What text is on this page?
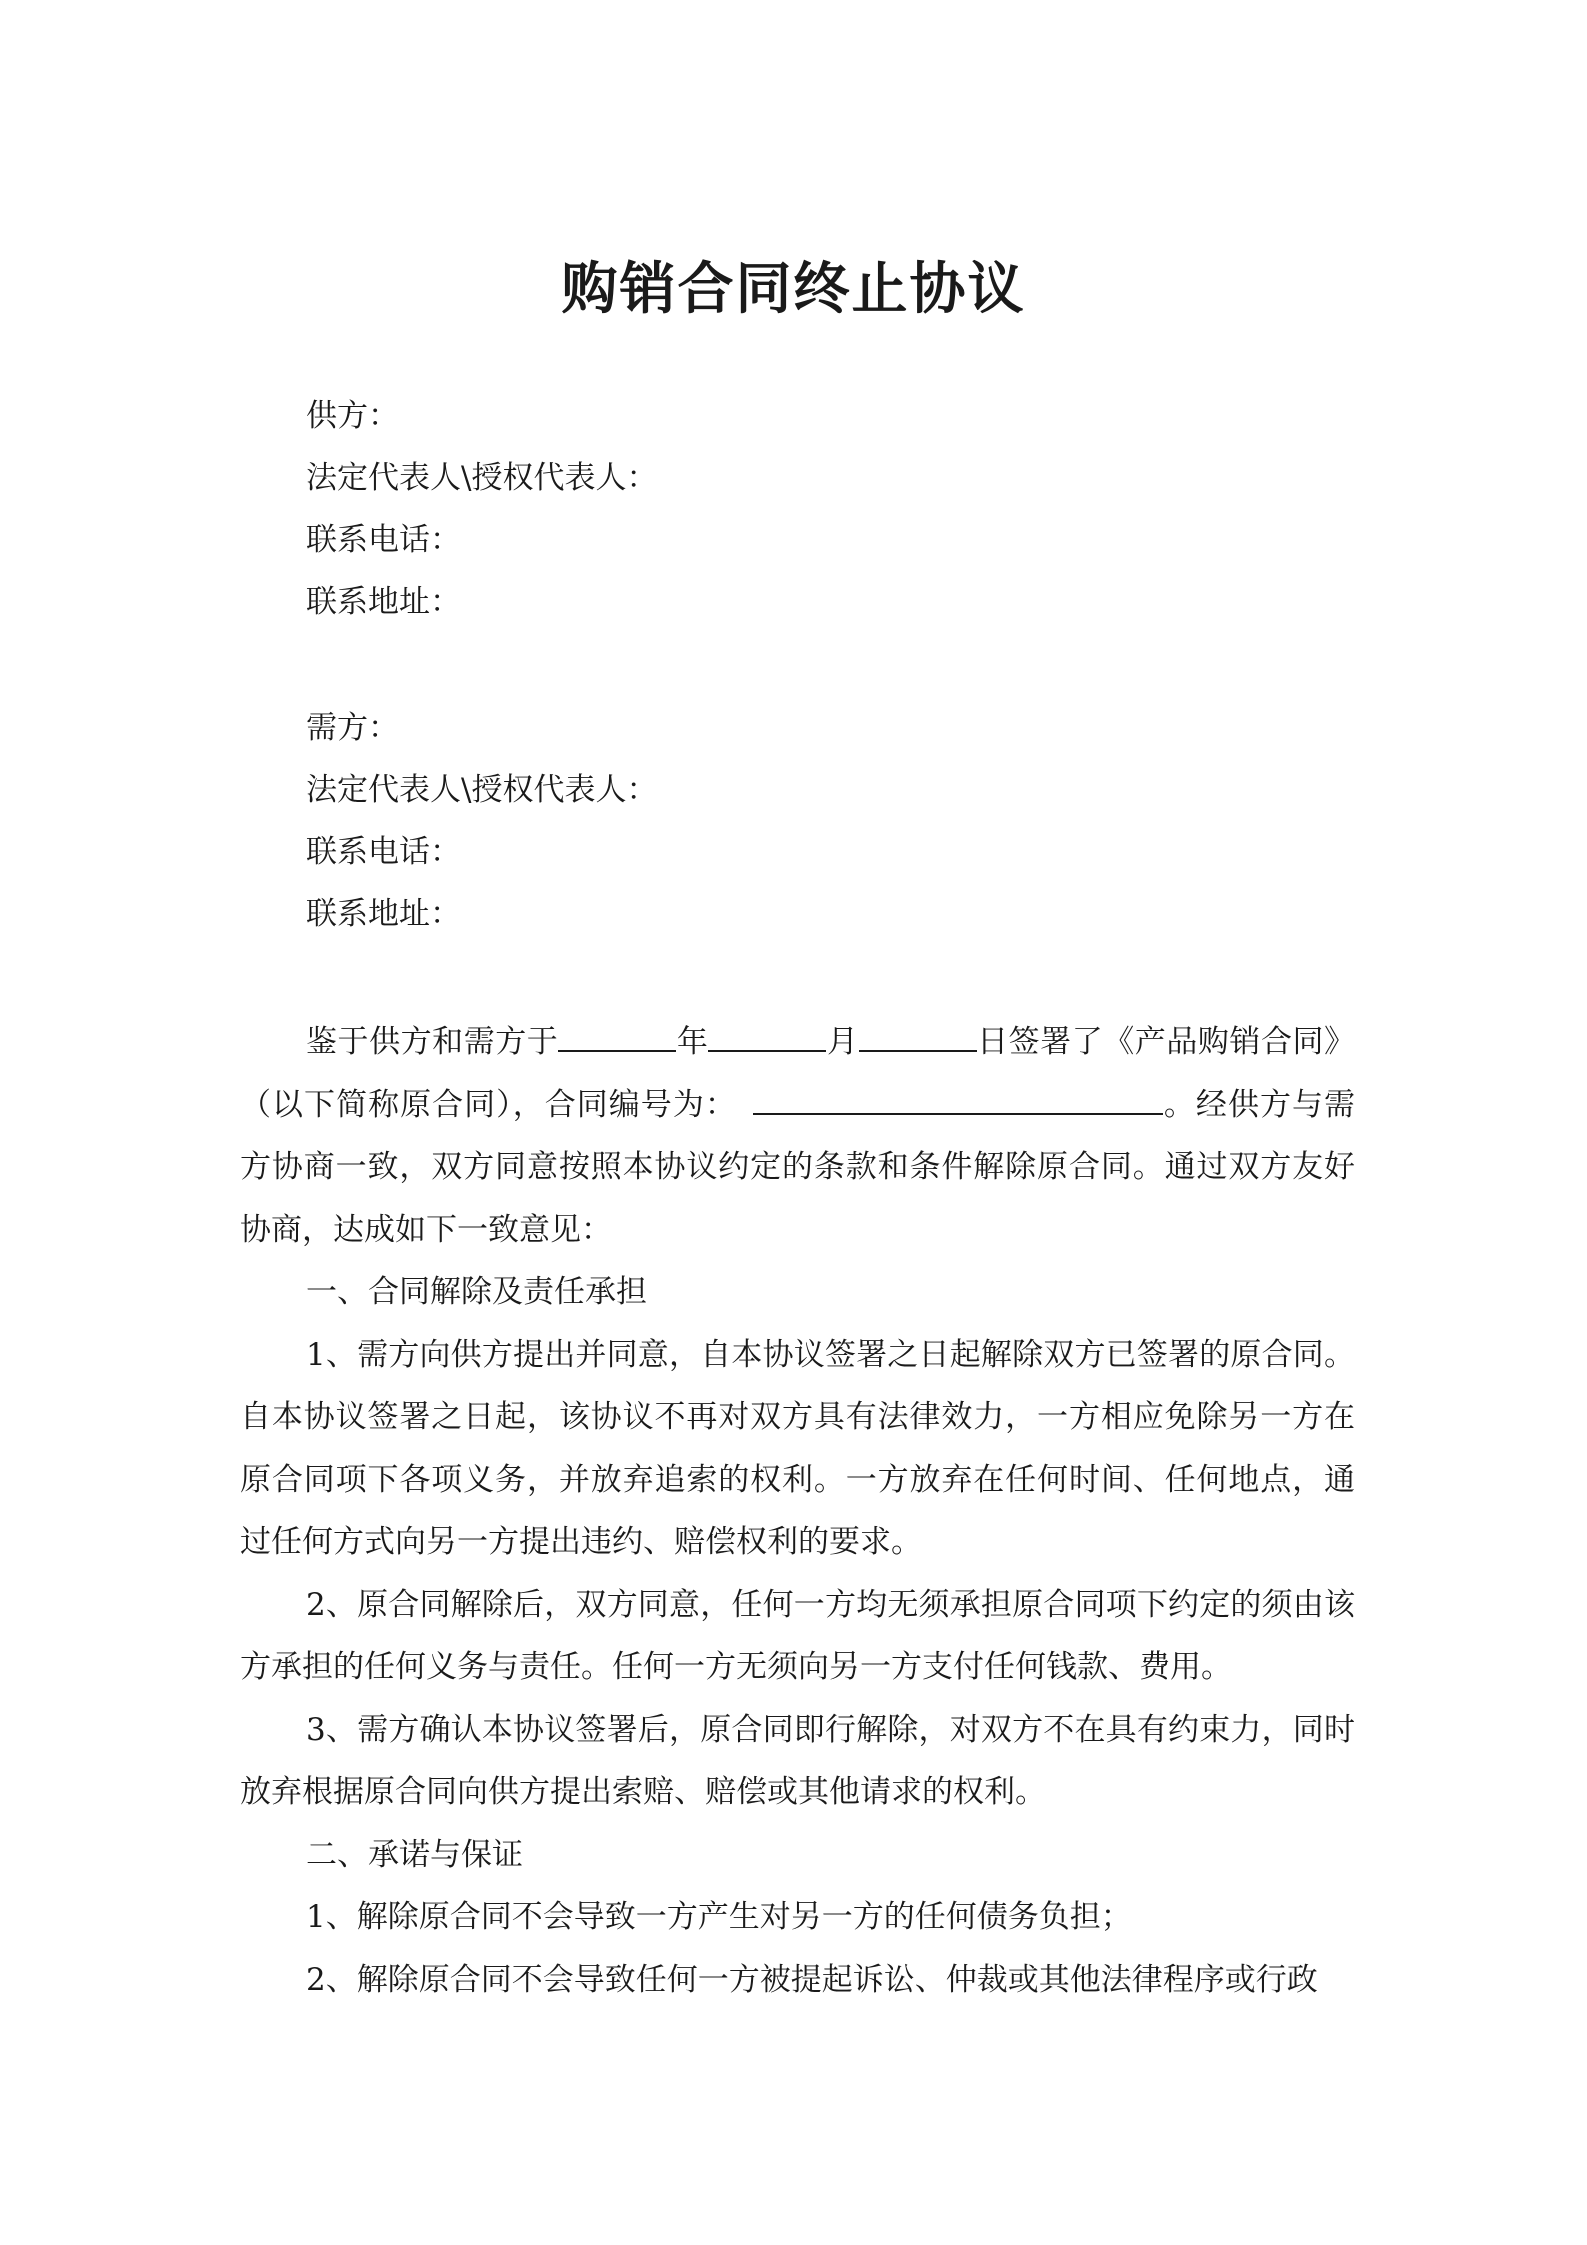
购销合同终止协议
供方：
法定代表人\授权代表人：
联系电话：
联系地址：
需方：
法定代表人\授权代表人：
联系电话：
联系地址：

鉴于供方和需方于	年	月	日签署了《产品购销合同》（以下简称原合同），合同编号为：	。经供方与需方协商一致，双方同意按照本协议约定的条款和条件解除原合同。通过双方友好协商，达成如下一致意见：

一、合同解除及责任承担

1、需方向供方提出并同意，自本协议签署之日起解除双方已签署的原合同。自本协议签署之日起，该协议不再对双方具有法律效力，一方相应免除另一方在原合同项下各项义务，并放弃追索的权利。一方放弃在任何时间、任何地点，通过任何方式向另一方提出违约、赔偿权利的要求。

2、原合同解除后，双方同意，任何一方均无须承担原合同项下约定的须由该方承担的任何义务与责任。任何一方无须向另一方支付任何钱款、费用。

3、需方确认本协议签署后，原合同即行解除，对双方不在具有约束力，同时放弃根据原合同向供方提出索赔、赔偿或其他请求的权利。

二、承诺与保证

1、解除原合同不会导致一方产生对另一方的任何债务负担；

2、解除原合同不会导致任何一方被提起诉讼、仲裁或其他法律程序或行政
